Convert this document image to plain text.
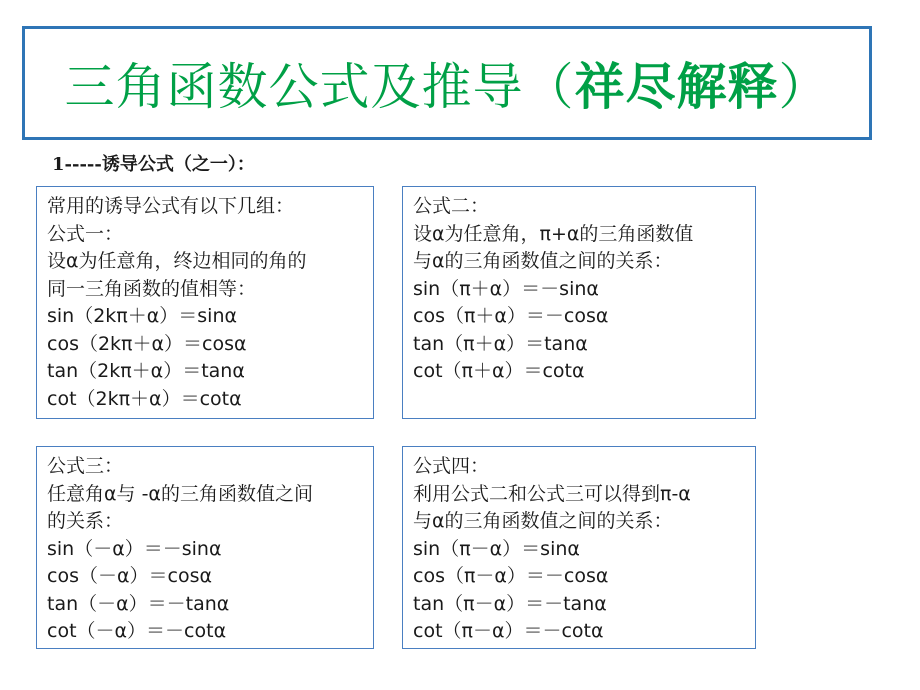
三角函数公式及推导（祥尽解释）
1-----诱导公式（之一）：
常用的诱导公式有以下几组：
公式一：
设α为任意角，终边相同的角的
同一三角函数的值相等：
sin（2kπ＋α）＝sinα
cos（2kπ＋α）＝cosα
tan（2kπ＋α）＝tanα
cot（2kπ＋α）＝cotα
公式二：
设α为任意角，π+α的三角函数值
与α的三角函数值之间的关系：
sin（π＋α）＝－sinα
cos（π＋α）＝－cosα
tan（π＋α）＝tanα
cot（π＋α）＝cotα
公式三：
任意角α与 -α的三角函数值之间
的关系：
sin（－α）＝－sinα
cos（－α）＝cosα
tan（－α）＝－tanα
cot（－α）＝－cotα
公式四：
利用公式二和公式三可以得到π-α
与α的三角函数值之间的关系：
sin（π－α）＝sinα
cos（π－α）＝－cosα
tan（π－α）＝－tanα
cot（π－α）＝－cotα
